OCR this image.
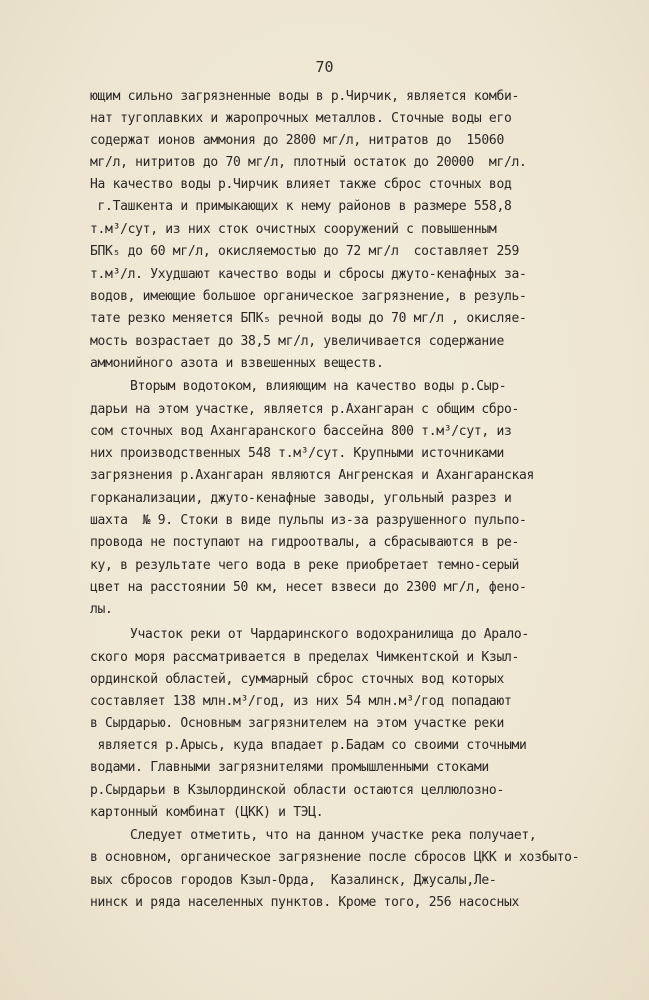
70
ющим сильно загрязненные воды в р.Чирчик, является комби-
нат тугоплавких и жаропрочных металлов. Сточные воды его
содержат ионов аммония до 2800 мг/л, нитратов до  15060
мг/л, нитритов до 70 мг/л, плотный остаток до 20000  мг/л.
На качество воды р.Чирчик влияет также сброс сточных вод
г.Ташкента и примыкающих к нему районов в размере 558,8
т.м³/сут, из них сток очистных сооружений с повышенным
БПК₅ до 60 мг/л, окисляемостью до 72 мг/л  составляет 259
т.м³/л. Ухудшают качество воды и сбросы джуто-кенафных за-
водов, имеющие большое органическое загрязнение, в резуль-
тате резко меняется БПК₅ речной воды до 70 мг/л , окисляе-
мость возрастает до 38,5 мг/л, увеличивается содержание
аммонийного азота и взвешенных веществ.
Вторым водотоком, влияющим на качество воды р.Сыр-
дарьи на этом участке, является р.Ахангаран с общим сбро-
сом сточных вод Ахангаранского бассейна 800 т.м³/сут, из
них производственных 548 т.м³/сут. Крупными источниками
загрязнения р.Ахангаран являются Ангренская и Ахангаранская
горканализации, джуто-кенафные заводы, угольный разрез и
шахта  № 9. Стоки в виде пульпы из-за разрушенного пульпо-
провода не поступают на гидроотвалы, а сбрасываются в ре-
ку, в результате чего вода в реке приобретает темно-серый
цвет на расстоянии 50 км, несет взвеси до 2300 мг/л, фено-
лы.
Участок реки от Чардаринского водохранилища до Арало-
ского моря рассматривается в пределах Чимкентской и Кзыл-
ординской областей, суммарный сброс сточных вод которых
составляет 138 млн.м³/год, из них 54 млн.м³/год попадают
в Сырдарью. Основным загрязнителем на этом участке реки
является р.Арысь, куда впадает р.Бадам со своими сточными
водами. Главными загрязнителями промышленными стоками
р.Сырдарьи в Кзылординской области остаются целлюлозно-
картонный комбинат (ЦКК) и ТЭЦ.
Следует отметить, что на данном участке река получает,
в основном, органическое загрязнение после сбросов ЦКК и хозбыто-
вых сбросов городов Кзыл-Орда,  Казалинск, Джусалы,Ле-
нинск и ряда населенных пунктов. Кроме того, 256 насосных
